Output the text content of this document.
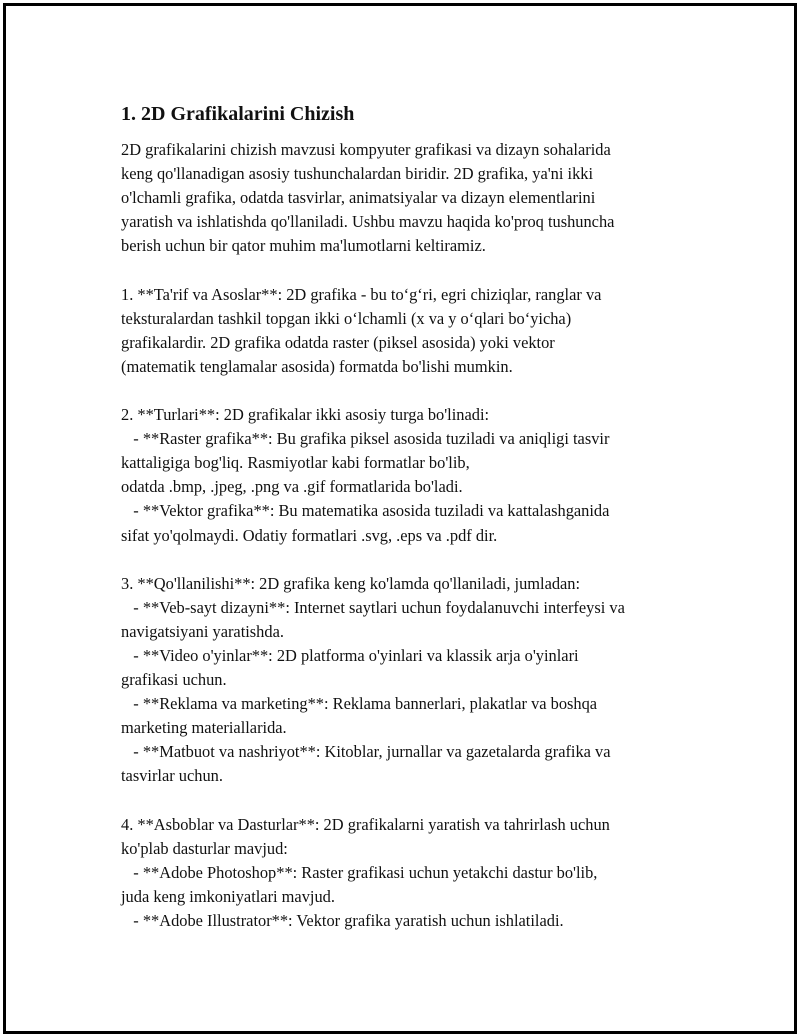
1. 2D Grafikalarini Chizish
2D grafikalarini chizish mavzusi kompyuter grafikasi va dizayn sohalarida
keng qo'llanadigan asosiy tushunchalardan biridir. 2D grafika, ya'ni ikki
o'lchamli grafika, odatda tasvirlar, animatsiyalar va dizayn elementlarini
yaratish va ishlatishda qo'llaniladi. Ushbu mavzu haqida ko'proq tushuncha
berish uchun bir qator muhim ma'lumotlarni keltiramiz.
1. **Ta'rif va Asoslar**: 2D grafika - bu to‘g‘ri, egri chiziqlar, ranglar va
teksturalardan tashkil topgan ikki o‘lchamli (x va y o‘qlari bo‘yicha)
grafikalardir. 2D grafika odatda raster (piksel asosida) yoki vektor
(matematik tenglamalar asosida) formatda bo'lishi mumkin.
2. **Turlari**: 2D grafikalar ikki asosiy turga bo'linadi:
- **Raster grafika**: Bu grafika piksel asosida tuziladi va aniqligi tasvir
kattaligiga bog'liq. Rasmiyotlar kabi formatlar bo'lib,
odatda .bmp, .jpeg, .png va .gif formatlarida bo'ladi.
- **Vektor grafika**: Bu matematika asosida tuziladi va kattalashganida
sifat yo'qolmaydi. Odatiy formatlari .svg, .eps va .pdf dir.
3. **Qo'llanilishi**: 2D grafika keng ko'lamda qo'llaniladi, jumladan:
- **Veb-sayt dizayni**: Internet saytlari uchun foydalanuvchi interfeysi va
navigatsiyani yaratishda.
- **Video o'yinlar**: 2D platforma o'yinlari va klassik arja o'yinlari
grafikasi uchun.
- **Reklama va marketing**: Reklama bannerlari, plakatlar va boshqa
marketing materiallarida.
- **Matbuot va nashriyot**: Kitoblar, jurnallar va gazetalarda grafika va
tasvirlar uchun.
4. **Asboblar va Dasturlar**: 2D grafikalarni yaratish va tahrirlash uchun
ko'plab dasturlar mavjud:
- **Adobe Photoshop**: Raster grafikasi uchun yetakchi dastur bo'lib,
juda keng imkoniyatlari mavjud.
- **Adobe Illustrator**: Vektor grafika yaratish uchun ishlatiladi.
